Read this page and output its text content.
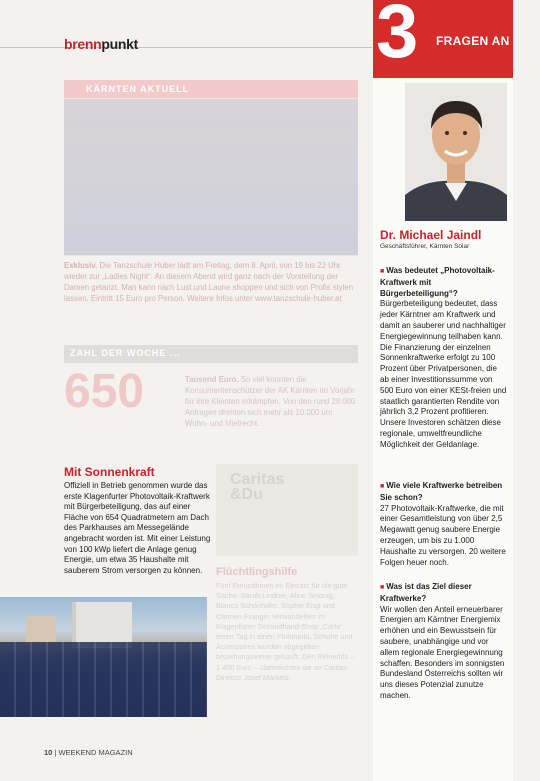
brennpunkt
KÄRNTEN AKTUELL
Exklusiv. Die Tanzschule Huber lädt am Freitag, dem 8. April, von 19 bis 22 Uhr wieder zur „Ladies Night“. An diesem Abend wird ganz nach der Vorstellung der Damen getanzt. Man kann nach Lust und Laune shoppen und sich von Profis stylen lassen. Eintritt 15 Euro pro Person. Weitere Infos unter www.tanzschule-huber.at
ZAHL DER WOCHE ...
650	Tausend Euro. So viel konnten die Konsumentenschützer der AK Kärnten im Vorjahr für ihre Klienten erkämpfen. Von den rund 28.000 Anfragen drehten sich mehr als 10.000 um Wohn- und Mietrecht.
Mit Sonnenkraft
Offiziell in Betrieb genommen wurde das erste Klagenfurter Photovoltaik-Kraftwerk mit Bürgerbeteiligung, das auf einer Fläche von 654 Quadratmetern am Dach des Parkhauses am Messegelände angebracht worden ist. Mit einer Leistung von 100 kWp liefert die Anlage genug Energie, um etwa 35 Haushalte mit sauberem Strom versorgen zu können.
Caritas
&Du
Flüchtlingshilfe
Fünf Freundinnen im Einsatz für die gute Sache: Sarah Lindner, Aline Smonig, Bianca Schönhofer, Sophie Engl und Carmen Pranger verwandelten im Klagenfurter Secondhand-Shop „Carla“ einen Tag in einen Flohmarkt. Schuhe und Accessoires wurden abgegeben beziehungsweise gekauft. Den Reinerlös – 1.400 Euro – überreichten sie an Caritas-Direktor Josef Marketz.
3 FRAGEN AN
Dr. Michael Jaindl
Geschäftsführer, Kärnten Solar
■ Was bedeutet „Photovoltaik-Kraftwerk mit Bürgerbeteiligung“?
Bürgerbeteiligung bedeutet, dass jeder Kärntner am Kraftwerk und damit an sauberer und nachhaltiger Energiegewinnung teilhaben kann. Die Finanzierung der einzelnen Sonnenkraftwerke erfolgt zu 100 Prozent über Privatpersonen, die ab einer Investitionssumme von 500 Euro von einer KESt-freien und staatlich garantierten Rendite von jährlich 3,2 Prozent profitieren. Unsere Investoren schätzen diese regionale, umweltfreundliche Möglichkeit der Geldanlage.
■ Wie viele Kraftwerke betreiben Sie schon?
27 Photovoltaik-Kraftwerke, die mit einer Gesamtleistung von über 2,5 Megawatt genug saubere Energie erzeugen, um bis zu 1.000 Haushalte zu versorgen. 20 weitere Folgen heuer noch.
■ Was ist das Ziel dieser Kraftwerke?
Wir wollen den Anteil erneuerbarer Energien am Kärntner Energiemix erhöhen und ein Bewusstsein für saubere, unabhängige und vor allem regionale Energiegewinnung schaffen. Besonders im sonnigsten Bundesland Österreichs sollten wir uns dieses Potenzial zunutze machen.
10 | WEEKEND MAGAZIN
